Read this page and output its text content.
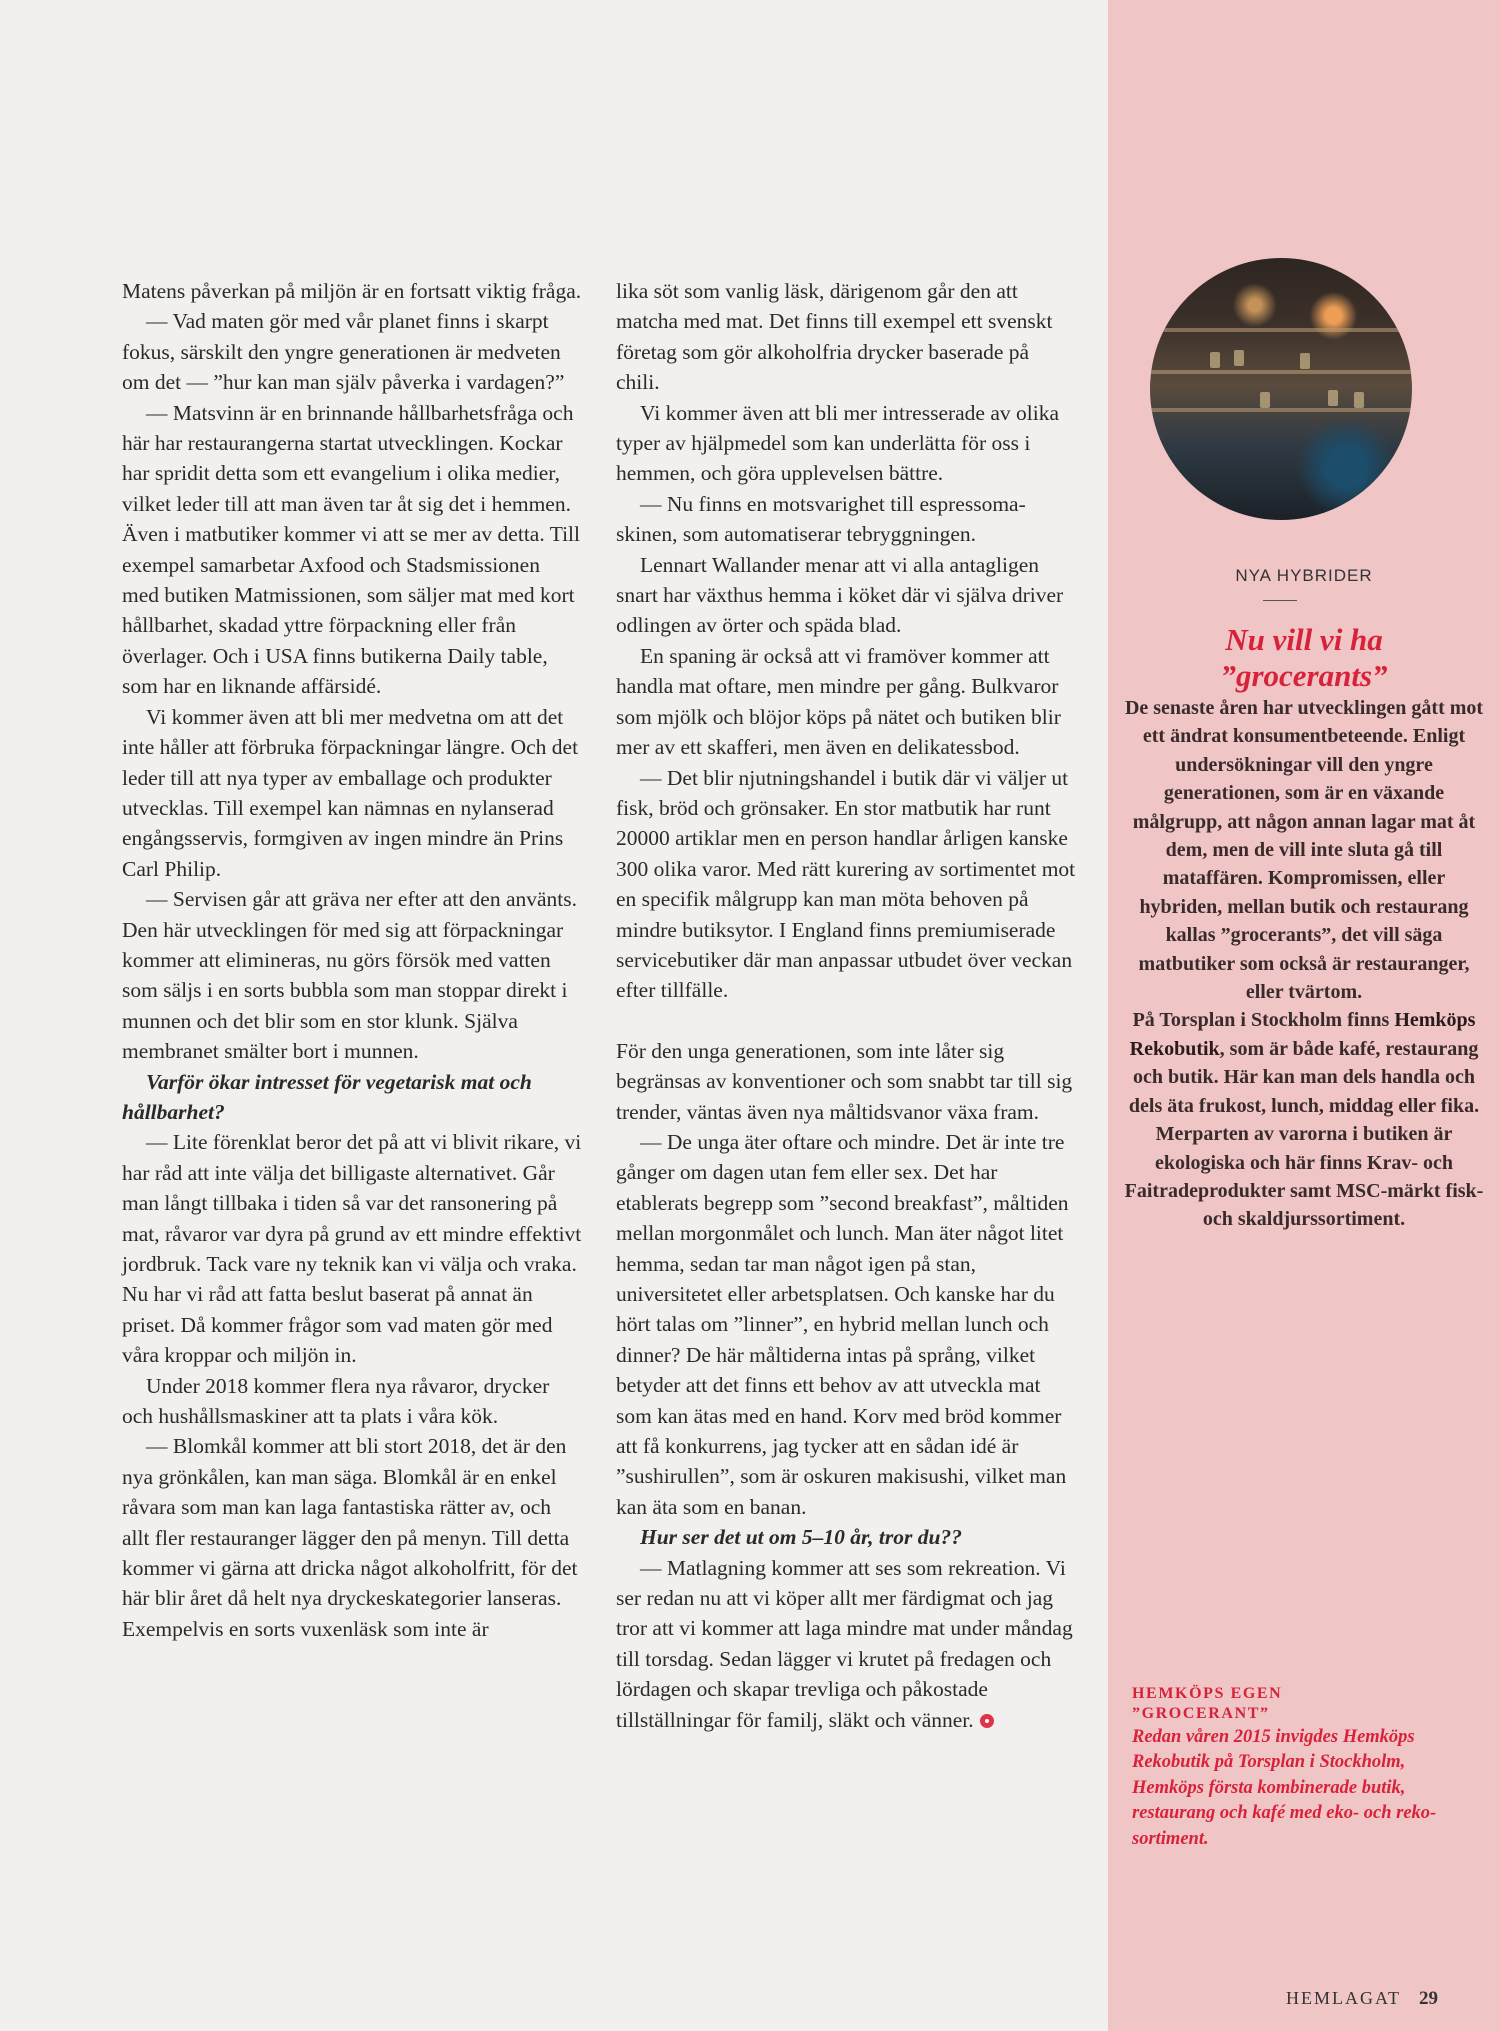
Matens påverkan på miljön är en fortsatt viktig fråga.

— Vad maten gör med vår planet finns i skarpt fokus, särskilt den yngre generationen är medveten om det — ”hur kan man själv påverka i vardagen?”

— Matsvinn är en brinnande hållbarhetsfråga och här har restaurangerna startat utvecklingen. Kockar har spridit detta som ett evangelium i olika medier, vilket leder till att man även tar åt sig det i hemmen. Även i matbutiker kommer vi att se mer av detta. Till exempel samarbetar Axfood och Stadsmissionen med butiken Matmissionen, som säljer mat med kort hållbarhet, skadad yttre förpackning eller från överlager. Och i USA finns butikerna Daily table, som har en liknande affärsidé.

Vi kommer även att bli mer medvetna om att det inte håller att förbruka förpackningar längre. Och det leder till att nya typer av emballage och produkter utvecklas. Till exempel kan nämnas en nylanserad engångsservis, formgiven av ingen mindre än Prins Carl Philip.

— Servisen går att gräva ner efter att den använts. Den här utvecklingen för med sig att förpackningar kommer att elimineras, nu görs försök med vatten som säljs i en sorts bubbla som man stoppar direkt i munnen och det blir som en stor klunk. Själva membranet smälter bort i munnen.

Varför ökar intresset för vegetarisk mat och hållbarhet?

— Lite förenklat beror det på att vi blivit rikare, vi har råd att inte välja det billigaste alternativet. Går man långt tillbaka i tiden så var det ransonering på mat, råvaror var dyra på grund av ett mindre effektivt jordbruk. Tack vare ny teknik kan vi välja och vraka. Nu har vi råd att fatta beslut baserat på annat än priset. Då kommer frågor som vad maten gör med våra kroppar och miljön in.

Under 2018 kommer flera nya råvaror, drycker och hushållsmaskiner att ta plats i våra kök.

— Blomkål kommer att bli stort 2018, det är den nya grönkålen, kan man säga. Blomkål är en enkel råvara som man kan laga fantastiska rätter av, och allt fler restauranger lägger den på menyn. Till detta kommer vi gärna att dricka något alkoholfritt, för det här blir året då helt nya dryckeskategorier lanseras. Exempelvis en sorts vuxenläsk som inte är

lika söt som vanlig läsk, därigenom går den att matcha med mat. Det finns till exempel ett svenskt företag som gör alkoholfria drycker baserade på chili.

Vi kommer även att bli mer intresserade av olika typer av hjälpmedel som kan underlätta för oss i hemmen, och göra upplevelsen bättre.

— Nu finns en motsvarighet till espressomaskinen, som automatiserar tebryggningen.

Lennart Wallander menar att vi alla antagligen snart har växthus hemma i köket där vi själva driver odlingen av örter och späda blad.

En spaning är också att vi framöver kommer att handla mat oftare, men mindre per gång. Bulkvaror som mjölk och blöjor köps på nätet och butiken blir mer av ett skafferi, men även en delikatessbod.

— Det blir njutningshandel i butik där vi väljer ut fisk, bröd och grönsaker. En stor matbutik har runt 20000 artiklar men en person handlar årligen kanske 300 olika varor. Med rätt kurering av sortimentet mot en specifik målgrupp kan man möta behoven på mindre butiksytor. I England finns premiumiserade servicebutiker där man anpassar utbudet över veckan efter tillfälle.

För den unga generationen, som inte låter sig begränsas av konventioner och som snabbt tar till sig trender, väntas även nya måltidsvanor växa fram.

— De unga äter oftare och mindre. Det är inte tre gånger om dagen utan fem eller sex. Det har etablerats begrepp som ”second breakfast”, måltiden mellan morgonmålet och lunch. Man äter något litet hemma, sedan tar man något igen på stan, universitetet eller arbetsplatsen. Och kanske har du hört talas om ”linner”, en hybrid mellan lunch och dinner? De här måltiderna intas på språng, vilket betyder att det finns ett behov av att utveckla mat som kan ätas med en hand. Korv med bröd kommer att få konkurrens, jag tycker att en sådan idé är ”sushirullen”, som är oskuren makisushi, vilket man kan äta som en banan.

Hur ser det ut om 5–10 år, tror du??

— Matlagning kommer att ses som rekreation. Vi ser redan nu att vi köper allt mer färdigmat och jag tror att vi kommer att laga mindre mat under måndag till torsdag. Sedan lägger vi krutet på fredagen och lördagen och skapar trevliga och påkostade tillställningar för familj, släkt och vänner.

NYA HYBRIDER
Nu vill vi ha
”grocerants”

De senaste åren har utvecklingen gått mot ett ändrat konsumentbeteende. Enligt undersökningar vill den yngre generationen, som är en växande målgrupp, att någon annan lagar mat åt dem, men de vill inte sluta gå till mataffären. Kompromissen, eller hybriden, mellan butik och restaurang kallas ”grocerants”, det vill säga matbutiker som också är restauranger, eller tvärtom.

På Torsplan i Stockholm finns Hemköps Rekobutik, som är både kafé, restaurang och butik. Här kan man dels handla och dels äta frukost, lunch, middag eller fika. Merparten av varorna i butiken är ekologiska och här finns Krav- och Faitradeprodukter samt MSC-märkt fisk- och skaldjurssortiment.

HEMKÖPS EGEN
”GROCERANT”

Redan våren 2015 invigdes Hemköps Rekobutik på Torsplan i Stockholm, Hemköps första kombinerade butik, restaurang och kafé med eko- och rekosortiment.

HEMLAGAT 29
